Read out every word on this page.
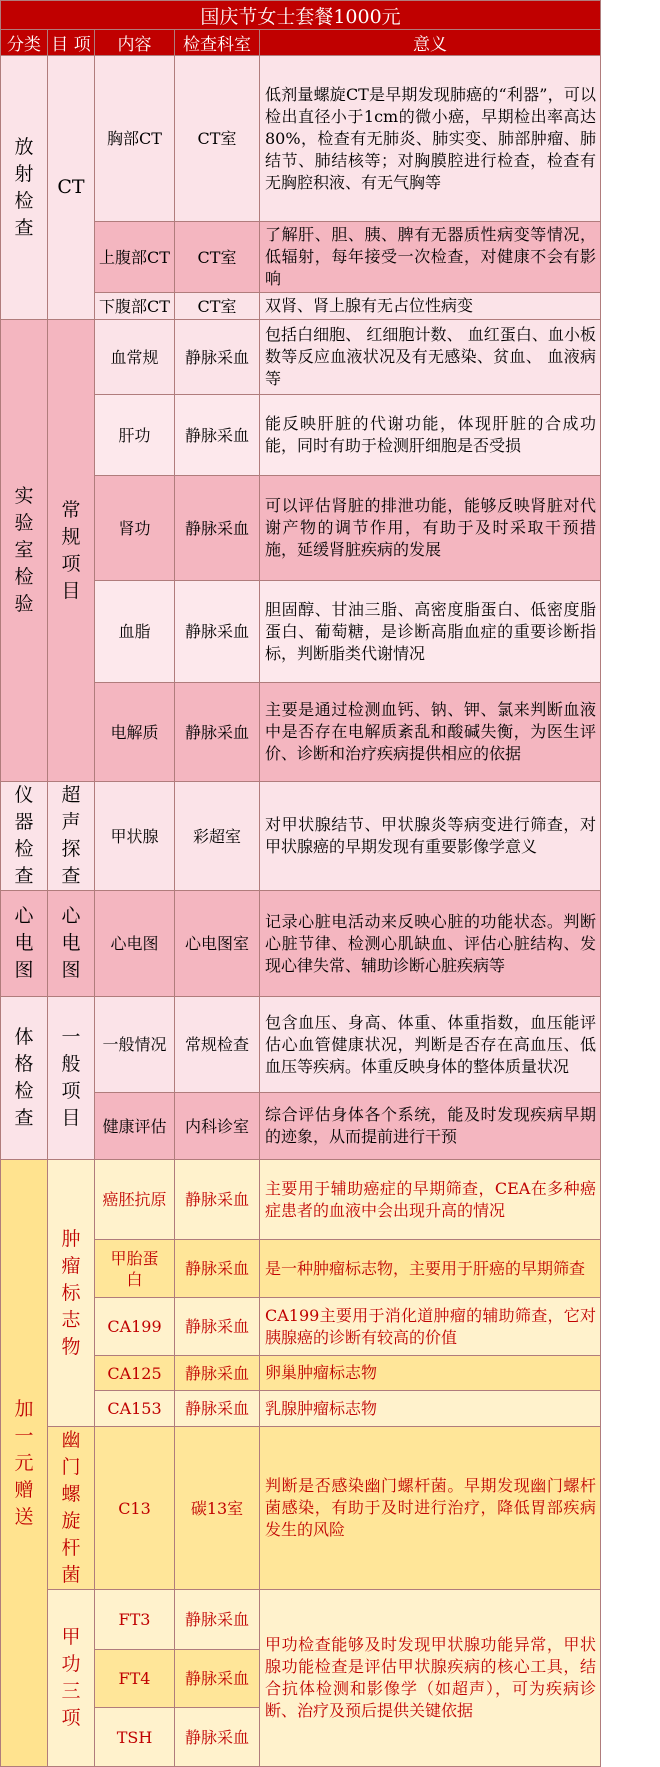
国庆节女士套餐1000元				
分类	目 项	内容	检查科室	意义
放射检查	CT	胸部CT	CT室	低剂量螺旋CT是早期发现肺癌的“利器”，可以检出直径小于1cm的微小癌，早期检出率高达80%，检查有无肺炎、肺实变、肺部肿瘤、肺结节、肺结核等；对胸膜腔进行检查，检查有无胸腔积液、有无气胸等
		上腹部CT	CT室	了解肝、胆、胰、脾有无器质性病变等情况，低辐射，每年接受一次检查，对健康不会有影响
		下腹部CT	CT室	双肾、肾上腺有无占位性病变
实验室检验	常规项目	血常规	静脉采血	包括白细胞、 红细胞计数、 血红蛋白、血小板数等反应血液状况及有无感染、贫血、 血液病等
		肝功	静脉采血	能反映肝脏的代谢功能，体现肝脏的合成功能，同时有助于检测肝细胞是否受损
		肾功	静脉采血	可以评估肾脏的排泄功能，能够反映肾脏对代谢产物的调节作用，有助于及时采取干预措施，延缓肾脏疾病的发展
		血脂	静脉采血	胆固醇、甘油三脂、高密度脂蛋白、低密度脂蛋白、葡萄糖，是诊断高脂血症的重要诊断指标，判断脂类代谢情况
		电解质	静脉采血	主要是通过检测血钙、钠、钾、氯来判断血液中是否存在电解质紊乱和酸碱失衡，为医生评价、诊断和治疗疾病提供相应的依据
仪器检查	超声探查	甲状腺	彩超室	对甲状腺结节、甲状腺炎等病变进行筛查，对甲状腺癌的早期发现有重要影像学意义
心电图	心电图	心电图	心电图室	记录心脏电活动来反映心脏的功能状态。判断心脏节律、检测心肌缺血、评估心脏结构、发现心律失常、辅助诊断心脏疾病等
体格检查	一般项目	一般情况	常规检查	包含血压、身高、体重、体重指数，血压能评估心血管健康状况，判断是否存在高血压、低血压等疾病。体重反映身体的整体质量状况
		健康评估	内科诊室	综合评估身体各个系统，能及时发现疾病早期的迹象，从而提前进行干预
加一元赠送	肿瘤标志物	癌胚抗原	静脉采血	主要用于辅助癌症的早期筛查，CEA在多种癌症患者的血液中会出现升高的情况
		甲胎蛋白	静脉采血	是一种肿瘤标志物，主要用于肝癌的早期筛查
		CA199	静脉采血	CA199主要用于消化道肿瘤的辅助筛查，它对胰腺癌的诊断有较高的价值
		CA125	静脉采血	卵巢肿瘤标志物
		CA153	静脉采血	乳腺肿瘤标志物
	幽门螺旋杆菌	C13	碳13室	判断是否感染幽门螺杆菌。早期发现幽门螺杆菌感染，有助于及时进行治疗，降低胃部疾病发生的风险
	甲功三项	FT3	静脉采血	甲功检查能够及时发现甲状腺功能异常，甲状腺功能检查是评估甲状腺疾病的核心工具，结合抗体检测和影像学（如超声），可为疾病诊断、治疗及预后提供关键依据
		FT4	静脉采血	
		TSH	静脉采血	
